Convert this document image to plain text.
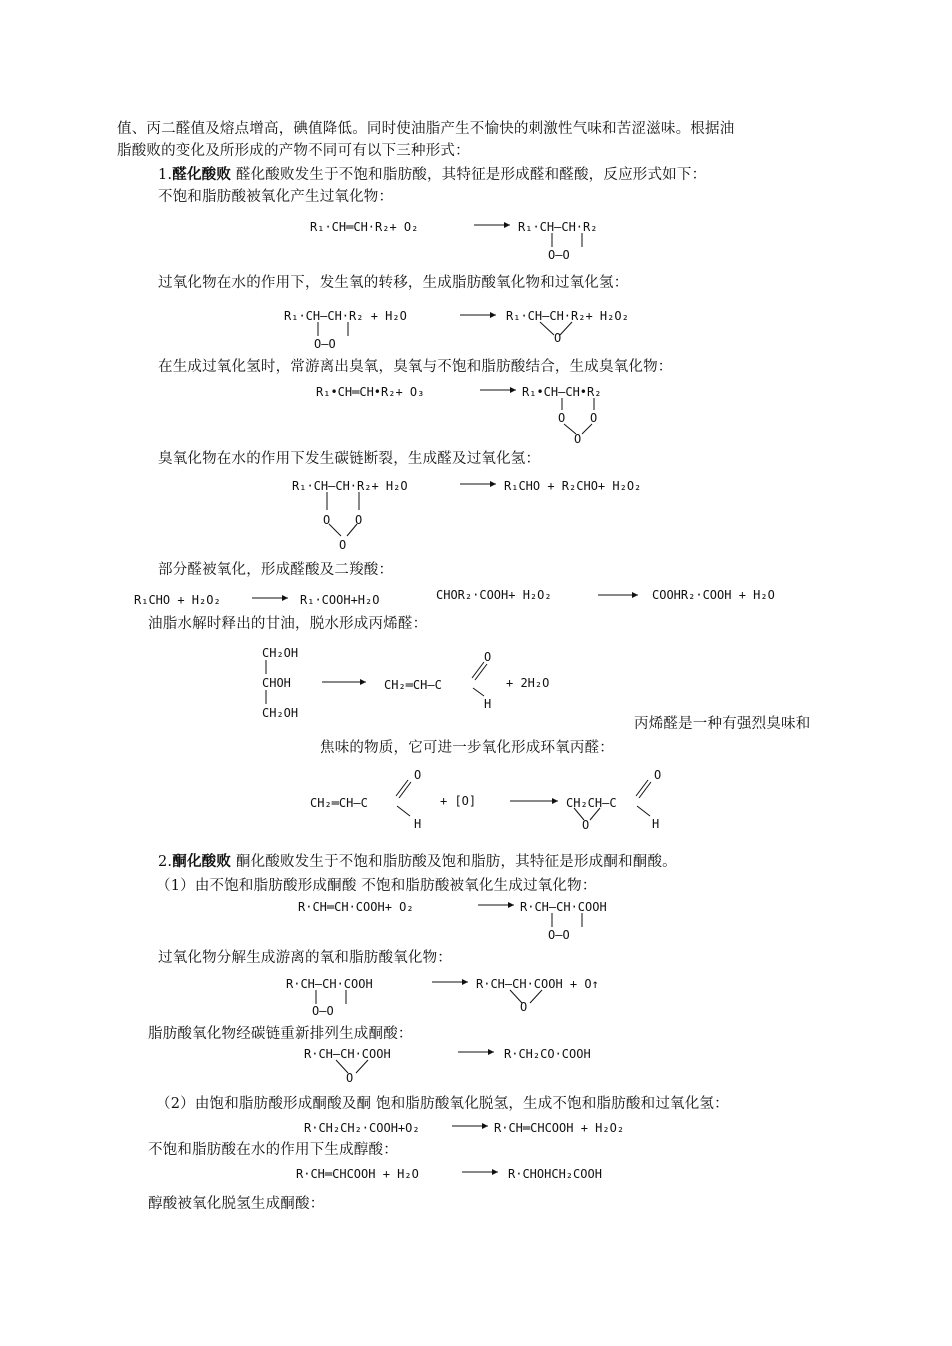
值、丙二醛值及熔点增高，碘值降低。同时使油脂产生不愉快的刺激性气味和苦涩滋味。根据油
脂酸败的变化及所形成的产物不同可有以下三种形式：
1.醛化酸败 醛化酸败发生于不饱和脂肪酸，其特征是形成醛和醛酸，反应形式如下：
不饱和脂肪酸被氧化产生过氧化物：
R₁·CH═CH·R₂+ O₂	R₁·CH—CH·R₂
O—O
过氧化物在水的作用下，发生氧的转移，生成脂肪酸氧化物和过氧化氢：
R₁·CH—CH·R₂ + H₂O
O—O
R₁·CH—CH·R₂+ H₂O₂
O
在生成过氧化氢时，常游离出臭氧，臭氧与不饱和脂肪酸结合，生成臭氧化物：
R₁•CH═CH•R₂+ O₃	R₁•CH—CH•R₂
O O
O
臭氧化物在水的作用下发生碳链断裂，生成醛及过氧化氢：
R₁·CH—CH·R₂+ H₂O	R₁CHO + R₂CHO+ H₂O₂
O O
O
部分醛被氧化，形成醛酸及二羧酸：
R₁CHO + H₂O₂	R₁·COOH+H₂O	CHOR₂·COOH+ H₂O₂	COOHR₂·COOH + H₂O
油脂水解时释出的甘油，脱水形成丙烯醛：
CH₂OH
CHOH
CH₂OH
CH₂═CH—C
O
H
+ 2H₂O
丙烯醛是一种有强烈臭味和
焦味的物质，它可进一步氧化形成环氧丙醛：
CH₂═CH—C
O
H
+ [O]	CH₂CH—C
O
O
H
2.酮化酸败 酮化酸败发生于不饱和脂肪酸及饱和脂肪，其特征是形成酮和酮酸。
（1）由不饱和脂肪酸形成酮酸 不饱和脂肪酸被氧化生成过氧化物：
R·CH═CH·COOH+ O₂	R·CH—CH·COOH
O—O
过氧化物分解生成游离的氧和脂肪酸氧化物：
R·CH—CH·COOH
O—O
R·CH—CH·COOH + O↑
O
脂肪酸氧化物经碳链重新排列生成酮酸：
R·CH—CH·COOH
O
R·CH₂CO·COOH
（2）由饱和脂肪酸形成酮酸及酮 饱和脂肪酸氧化脱氢，生成不饱和脂肪酸和过氧化氢：
R·CH₂CH₂·COOH+O₂	R·CH═CHCOOH + H₂O₂
不饱和脂肪酸在水的作用下生成醇酸：
R·CH═CHCOOH + H₂O	R·CHOHCH₂COOH
醇酸被氧化脱氢生成酮酸：
